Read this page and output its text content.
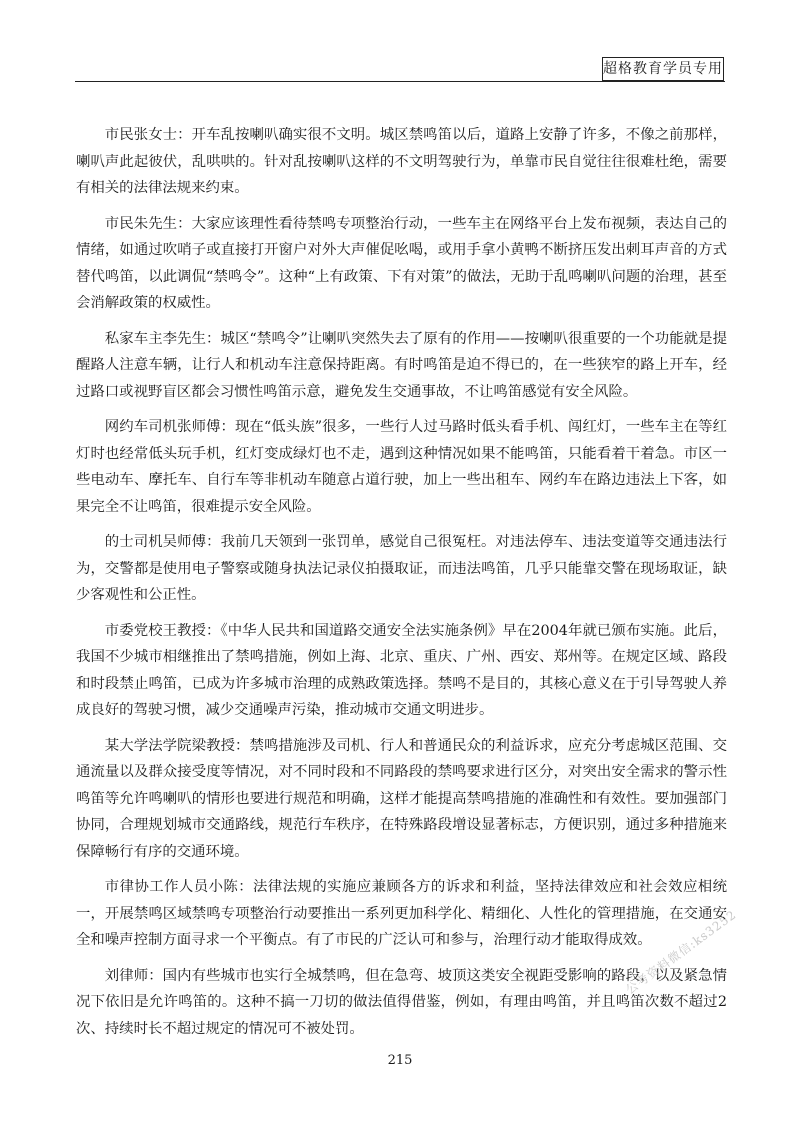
超格教育学员专用

市民张女士：开车乱按喇叭确实很不文明。城区禁鸣笛以后，道路上安静了许多，不像之前那样，喇叭声此起彼伏，乱哄哄的。针对乱按喇叭这样的不文明驾驶行为，单靠市民自觉往往很难杜绝，需要有相关的法律法规来约束。

市民朱先生：大家应该理性看待禁鸣专项整治行动，一些车主在网络平台上发布视频，表达自己的情绪，如通过吹哨子或直接打开窗户对外大声催促吆喝，或用手拿小黄鸭不断挤压发出刺耳声音的方式替代鸣笛，以此调侃“禁鸣令”。这种“上有政策、下有对策”的做法，无助于乱鸣喇叭问题的治理，甚至会消解政策的权威性。

私家车主李先生：城区“禁鸣令”让喇叭突然失去了原有的作用——按喇叭很重要的一个功能就是提醒路人注意车辆，让行人和机动车注意保持距离。有时鸣笛是迫不得已的，在一些狭窄的路上开车，经过路口或视野盲区都会习惯性鸣笛示意，避免发生交通事故，不让鸣笛感觉有安全风险。

网约车司机张师傅：现在“低头族”很多，一些行人过马路时低头看手机、闯红灯，一些车主在等红灯时也经常低头玩手机，红灯变成绿灯也不走，遇到这种情况如果不能鸣笛，只能看着干着急。市区一些电动车、摩托车、自行车等非机动车随意占道行驶，加上一些出租车、网约车在路边违法上下客，如果完全不让鸣笛，很难提示安全风险。

的士司机吴师傅：我前几天领到一张罚单，感觉自己很冤枉。对违法停车、违法变道等交通违法行为，交警都是使用电子警察或随身执法记录仪拍摄取证，而违法鸣笛，几乎只能靠交警在现场取证，缺少客观性和公正性。

市委党校王教授：《中华人民共和国道路交通安全法实施条例》早在2004年就已颁布实施。此后，我国不少城市相继推出了禁鸣措施，例如上海、北京、重庆、广州、西安、郑州等。在规定区域、路段和时段禁止鸣笛，已成为许多城市治理的成熟政策选择。禁鸣不是目的，其核心意义在于引导驾驶人养成良好的驾驶习惯，减少交通噪声污染，推动城市交通文明进步。

某大学法学院梁教授：禁鸣措施涉及司机、行人和普通民众的利益诉求，应充分考虑城区范围、交通流量以及群众接受度等情况，对不同时段和不同路段的禁鸣要求进行区分，对突出安全需求的警示性鸣笛等允许鸣喇叭的情形也要进行规范和明确，这样才能提高禁鸣措施的准确性和有效性。要加强部门协同，合理规划城市交通路线，规范行车秩序，在特殊路段增设显著标志，方便识别，通过多种措施来保障畅行有序的交通环境。

市律协工作人员小陈：法律法规的实施应兼顾各方的诉求和利益，坚持法律效应和社会效应相统一，开展禁鸣区域禁鸣专项整治行动要推出一系列更加科学化、精细化、人性化的管理措施，在交通安全和噪声控制方面寻求一个平衡点。有了市民的广泛认可和参与，治理行动才能取得成效。

刘律师：国内有些城市也实行全城禁鸣，但在急弯、坡顶这类安全视距受影响的路段，以及紧急情况下依旧是允许鸣笛的。这种不搞一刀切的做法值得借鉴，例如，有理由鸣笛，并且鸣笛次数不超过2次、持续时长不超过规定的情况可不被处罚。

公考资料微信:ks3252
215
